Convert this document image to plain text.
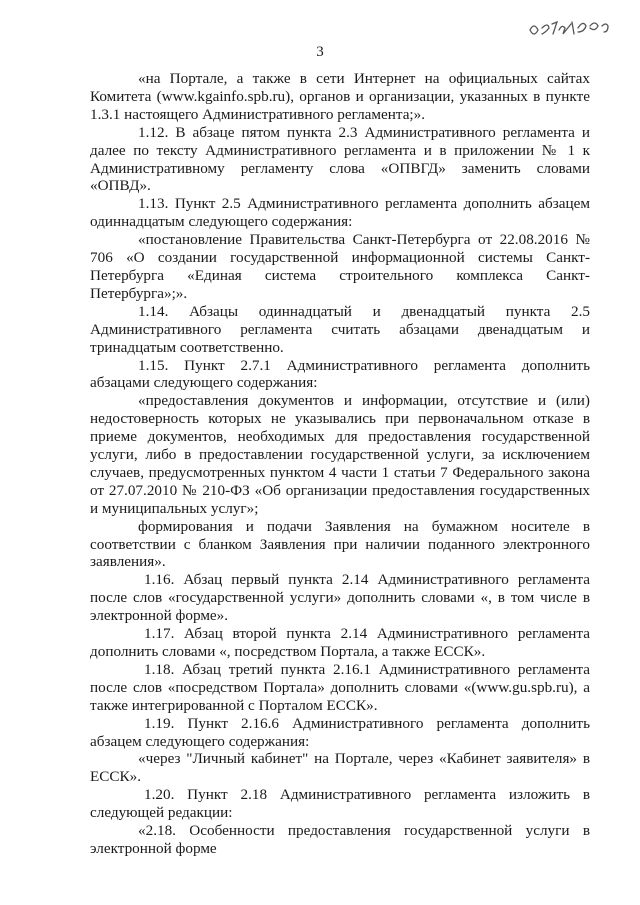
3

«на Портале, а также в сети Интернет на официальных сайтах Комитета (www.kgainfo.spb.ru), органов и организации, указанных в пункте 1.3.1 настоящего Административного регламента;».

1.12. В абзаце пятом пункта 2.3 Административного регламента и далее по тексту Административного регламента и в приложении № 1 к Административному регламенту слова «ОПВГД» заменить словами «ОПВД».

1.13. Пункт 2.5 Административного регламента дополнить абзацем одиннадцатым следующего содержания:

«постановление Правительства Санкт-Петербурга от 22.08.2016 № 706 «О создании государственной информационной системы Санкт-Петербурга «Единая система строительного комплекса Санкт-Петербурга»;».

1.14. Абзацы одиннадцатый и двенадцатый пункта 2.5 Административного регламента считать абзацами двенадцатым и тринадцатым соответственно.

1.15. Пункт 2.7.1 Административного регламента дополнить абзацами следующего содержания:

«предоставления документов и информации, отсутствие и (или) недостоверность которых не указывались при первоначальном отказе в приеме документов, необходимых для предоставления государственной услуги, либо в предоставлении государственной услуги, за исключением случаев, предусмотренных пунктом 4 части 1 статьи 7 Федерального закона от 27.07.2010 № 210-ФЗ «Об организации предоставления государственных и муниципальных услуг»;

формирования и подачи Заявления на бумажном носителе в соответствии с бланком Заявления при наличии поданного электронного заявления».

1.16. Абзац первый пункта 2.14 Административного регламента после слов «государственной услуги» дополнить словами «, в том числе в электронной форме».

1.17. Абзац второй пункта 2.14 Административного регламента дополнить словами «, посредством Портала, а также ЕССК».

1.18. Абзац третий пункта 2.16.1 Административного регламента после слов «посредством Портала» дополнить словами «(www.gu.spb.ru), а также интегрированной с Порталом ЕССК».

1.19. Пункт 2.16.6 Административного регламента дополнить абзацем следующего содержания:

«через "Личный кабинет" на Портале, через «Кабинет заявителя» в ЕССК».

1.20. Пункт 2.18 Административного регламента изложить в следующей редакции:

«2.18. Особенности предоставления государственной услуги в электронной форме
